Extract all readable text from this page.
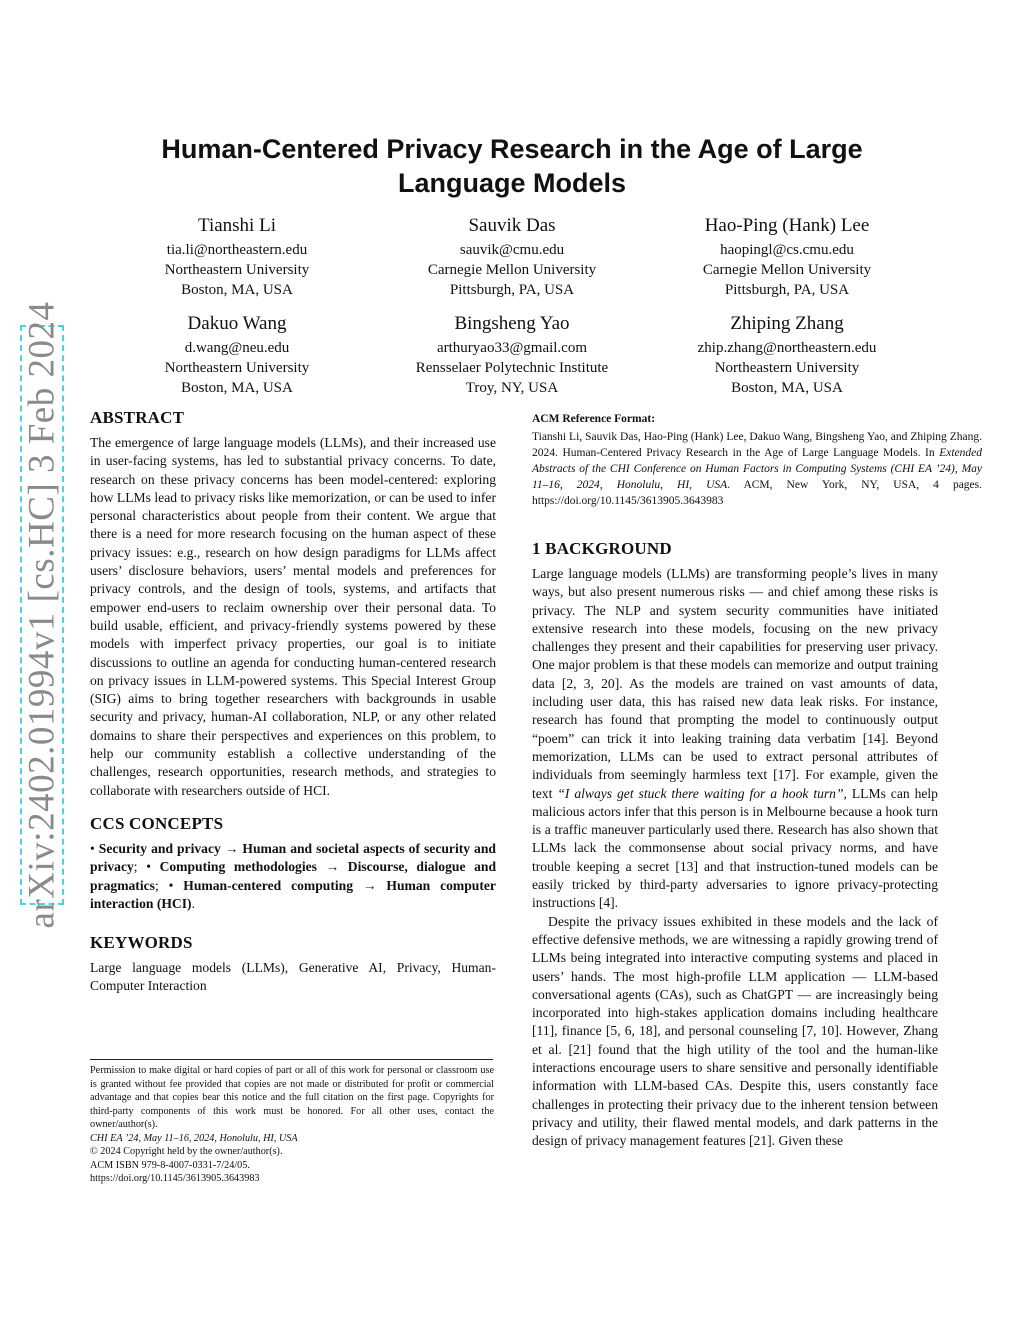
arXiv:2402.01994v1 [cs.HC] 3 Feb 2024
Human-Centered Privacy Research in the Age of Large Language Models
Tianshi Li
tia.li@northeastern.edu
Northeastern University
Boston, MA, USA
Sauvik Das
sauvik@cmu.edu
Carnegie Mellon University
Pittsburgh, PA, USA
Hao-Ping (Hank) Lee
haopingl@cs.cmu.edu
Carnegie Mellon University
Pittsburgh, PA, USA
Dakuo Wang
d.wang@neu.edu
Northeastern University
Boston, MA, USA
Bingsheng Yao
arthuryao33@gmail.com
Rensselaer Polytechnic Institute
Troy, NY, USA
Zhiping Zhang
zhip.zhang@northeastern.edu
Northeastern University
Boston, MA, USA
ABSTRACT

The emergence of large language models (LLMs), and their increased use in user-facing systems, has led to substantial privacy concerns. To date, research on these privacy concerns has been model-centered: exploring how LLMs lead to privacy risks like memorization, or can be used to infer personal characteristics about people from their content. We argue that there is a need for more research focusing on the human aspect of these privacy issues: e.g., research on how design paradigms for LLMs affect users’ disclosure behaviors, users’ mental models and preferences for privacy controls, and the design of tools, systems, and artifacts that empower end-users to reclaim ownership over their personal data. To build usable, efficient, and privacy-friendly systems powered by these models with imperfect privacy properties, our goal is to initiate discussions to outline an agenda for conducting human-centered research on privacy issues in LLM-powered systems. This Special Interest Group (SIG) aims to bring together researchers with backgrounds in usable security and privacy, human-AI collaboration, NLP, or any other related domains to share their perspectives and experiences on this problem, to help our community establish a collective understanding of the challenges, research opportunities, research methods, and strategies to collaborate with researchers outside of HCI.

CCS CONCEPTS
• Security and privacy → Human and societal aspects of security and privacy; • Computing methodologies → Discourse, dialogue and pragmatics; • Human-centered computing → Human computer interaction (HCI).
KEYWORDS

Large language models (LLMs), Generative AI, Privacy, Human-Computer Interaction

Permission to make digital or hard copies of part or all of this work for personal or classroom use is granted without fee provided that copies are not made or distributed for profit or commercial advantage and that copies bear this notice and the full citation on the first page. Copyrights for third-party components of this work must be honored. For all other uses, contact the owner/author(s).
CHI EA ’24, May 11–16, 2024, Honolulu, HI, USA
© 2024 Copyright held by the owner/author(s).
ACM ISBN 979-8-4007-0331-7/24/05.
https://doi.org/10.1145/3613905.3643983
ACM Reference Format:
Tianshi Li, Sauvik Das, Hao-Ping (Hank) Lee, Dakuo Wang, Bingsheng Yao, and Zhiping Zhang. 2024. Human-Centered Privacy Research in the Age of Large Language Models. In Extended Abstracts of the CHI Conference on Human Factors in Computing Systems (CHI EA ’24), May 11–16, 2024, Honolulu, HI, USA. ACM, New York, NY, USA, 4 pages. https://doi.org/10.1145/3613905.3643983
1 BACKGROUND

Large language models (LLMs) are transforming people’s lives in many ways, but also present numerous risks — and chief among these risks is privacy. The NLP and system security communities have initiated extensive research into these models, focusing on the new privacy challenges they present and their capabilities for preserving user privacy. One major problem is that these models can memorize and output training data [2, 3, 20]. As the models are trained on vast amounts of data, including user data, this has raised new data leak risks. For instance, research has found that prompting the model to continuously output “poem” can trick it into leaking training data verbatim [14]. Beyond memorization, LLMs can be used to extract personal attributes of individuals from seemingly harmless text [17]. For example, given the text “I always get stuck there waiting for a hook turn”, LLMs can help malicious actors infer that this person is in Melbourne because a hook turn is a traffic maneuver particularly used there. Research has also shown that LLMs lack the commonsense about social privacy norms, and have trouble keeping a secret [13] and that instruction-tuned models can be easily tricked by third-party adversaries to ignore privacy-protecting instructions [4].

Despite the privacy issues exhibited in these models and the lack of effective defensive methods, we are witnessing a rapidly growing trend of LLMs being integrated into interactive computing systems and placed in users’ hands. The most high-profile LLM application — LLM-based conversational agents (CAs), such as ChatGPT — are increasingly being incorporated into high-stakes application domains including healthcare [11], finance [5, 6, 18], and personal counseling [7, 10]. However, Zhang et al. [21] found that the high utility of the tool and the human-like interactions encourage users to share sensitive and personally identifiable information with LLM-based CAs. Despite this, users constantly face challenges in protecting their privacy due to the inherent tension between privacy and utility, their flawed mental models, and dark patterns in the design of privacy management features [21]. Given these
